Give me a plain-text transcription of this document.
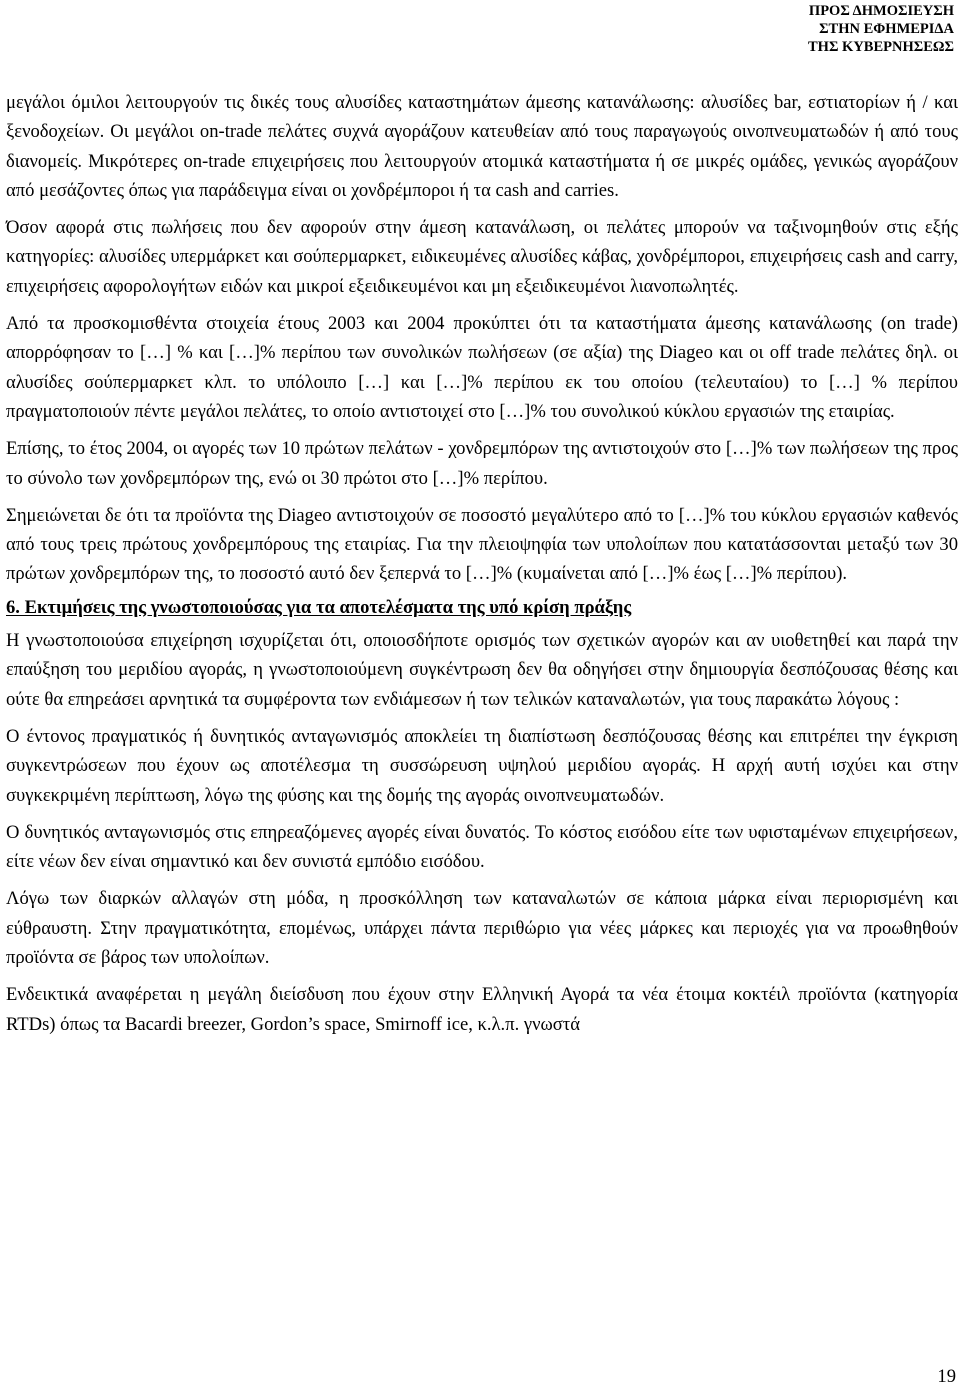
ΠΡΟΣ ΔΗΜΟΣΙΕΥΣΗ
ΣΤΗΝ ΕΦΗΜΕΡΙΔΑ
ΤΗΣ ΚΥΒΕΡΝΗΣΕΩΣ

μεγάλοι όμιλοι λειτουργούν τις δικές τους αλυσίδες καταστημάτων άμεσης κατανάλωσης: αλυσίδες bar, εστιατορίων ή / και ξενοδοχείων. Οι μεγάλοι on-trade πελάτες συχνά αγοράζουν κατευθείαν από τους παραγωγούς οινοπνευματωδών ή από τους διανομείς. Μικρότερες on-trade επιχειρήσεις που λειτουργούν ατομικά καταστήματα ή σε μικρές ομάδες, γενικώς αγοράζουν από μεσάζοντες όπως για παράδειγμα είναι οι χονδρέμποροι ή τα cash and carries.

Όσον αφορά στις πωλήσεις που δεν αφορούν στην άμεση κατανάλωση, οι πελάτες μπορούν να ταξινομηθούν στις εξής κατηγορίες: αλυσίδες υπερμάρκετ και σούπερμαρκετ, ειδικευμένες αλυσίδες κάβας, χονδρέμποροι, επιχειρήσεις cash and carry, επιχειρήσεις αφορολογήτων ειδών και μικροί εξειδικευμένοι και μη εξειδικευμένοι λιανοπωλητές.

Από τα προσκομισθέντα στοιχεία έτους 2003 και 2004 προκύπτει ότι τα καταστήματα άμεσης κατανάλωσης (on trade) απορρόφησαν το […] % και […]% περίπου των συνολικών πωλήσεων (σε αξία) της Diageo και οι off trade πελάτες δηλ. οι αλυσίδες σούπερμαρκετ κλπ. το υπόλοιπο […] και […]% περίπου εκ του οποίου (τελευταίου) το […] % περίπου πραγματοποιούν πέντε μεγάλοι πελάτες, το οποίο αντιστοιχεί στο […]% του συνολικού κύκλου εργασιών της εταιρίας.

Επίσης, το έτος 2004, οι αγορές των 10 πρώτων πελάτων - χονδρεμπόρων της αντιστοιχούν στο […]% των πωλήσεων της προς το σύνολο των χονδρεμπόρων της, ενώ οι 30 πρώτοι στο […]% περίπου.

Σημειώνεται δε ότι τα προϊόντα της Diageo αντιστοιχούν σε ποσοστό μεγαλύτερο από το […]% του κύκλου εργασιών καθενός από τους τρεις πρώτους χονδρεμπόρους της εταιρίας. Για την πλειοψηφία των υπολοίπων που κατατάσσονται μεταξύ των 30 πρώτων χονδρεμπόρων της, το ποσοστό αυτό δεν ξεπερνά το […]% (κυμαίνεται από […]% έως […]% περίπου).

6. Εκτιμήσεις της γνωστοποιούσας για τα αποτελέσματα της υπό κρίση πράξης

Η γνωστοποιούσα επιχείρηση ισχυρίζεται ότι, οποιοσδήποτε ορισμός των σχετικών αγορών και αν υιοθετηθεί και παρά την επαύξηση του μεριδίου αγοράς, η γνωστοποιούμενη συγκέντρωση δεν θα οδηγήσει στην δημιουργία δεσπόζουσας θέσης και ούτε θα επηρεάσει αρνητικά τα συμφέροντα των ενδιάμεσων ή των τελικών καταναλωτών, για τους παρακάτω λόγους :

Ο έντονος πραγματικός ή δυνητικός ανταγωνισμός αποκλείει τη διαπίστωση δεσπόζουσας θέσης και επιτρέπει την έγκριση συγκεντρώσεων που έχουν ως αποτέλεσμα τη συσσώρευση υψηλού μεριδίου αγοράς. Η αρχή αυτή ισχύει και στην συγκεκριμένη περίπτωση, λόγω της φύσης και της δομής της αγοράς οινοπνευματωδών.

Ο δυνητικός ανταγωνισμός στις επηρεαζόμενες αγορές είναι δυνατός. Το κόστος εισόδου είτε των υφισταμένων επιχειρήσεων, είτε νέων δεν είναι σημαντικό και δεν συνιστά εμπόδιο εισόδου.

Λόγω των διαρκών αλλαγών στη μόδα, η προσκόλληση των καταναλωτών σε κάποια μάρκα είναι περιορισμένη και εύθραυστη. Στην πραγματικότητα, επομένως, υπάρχει πάντα περιθώριο για νέες μάρκες και περιοχές για να προωθηθούν προϊόντα σε βάρος των υπολοίπων.

Ενδεικτικά αναφέρεται η μεγάλη διείσδυση που έχουν στην Ελληνική Αγορά τα νέα έτοιμα κοκτέιλ προϊόντα (κατηγορία RTDs) όπως τα Bacardi breezer, Gordon’s space, Smirnoff ice, κ.λ.π. γνωστά

19
